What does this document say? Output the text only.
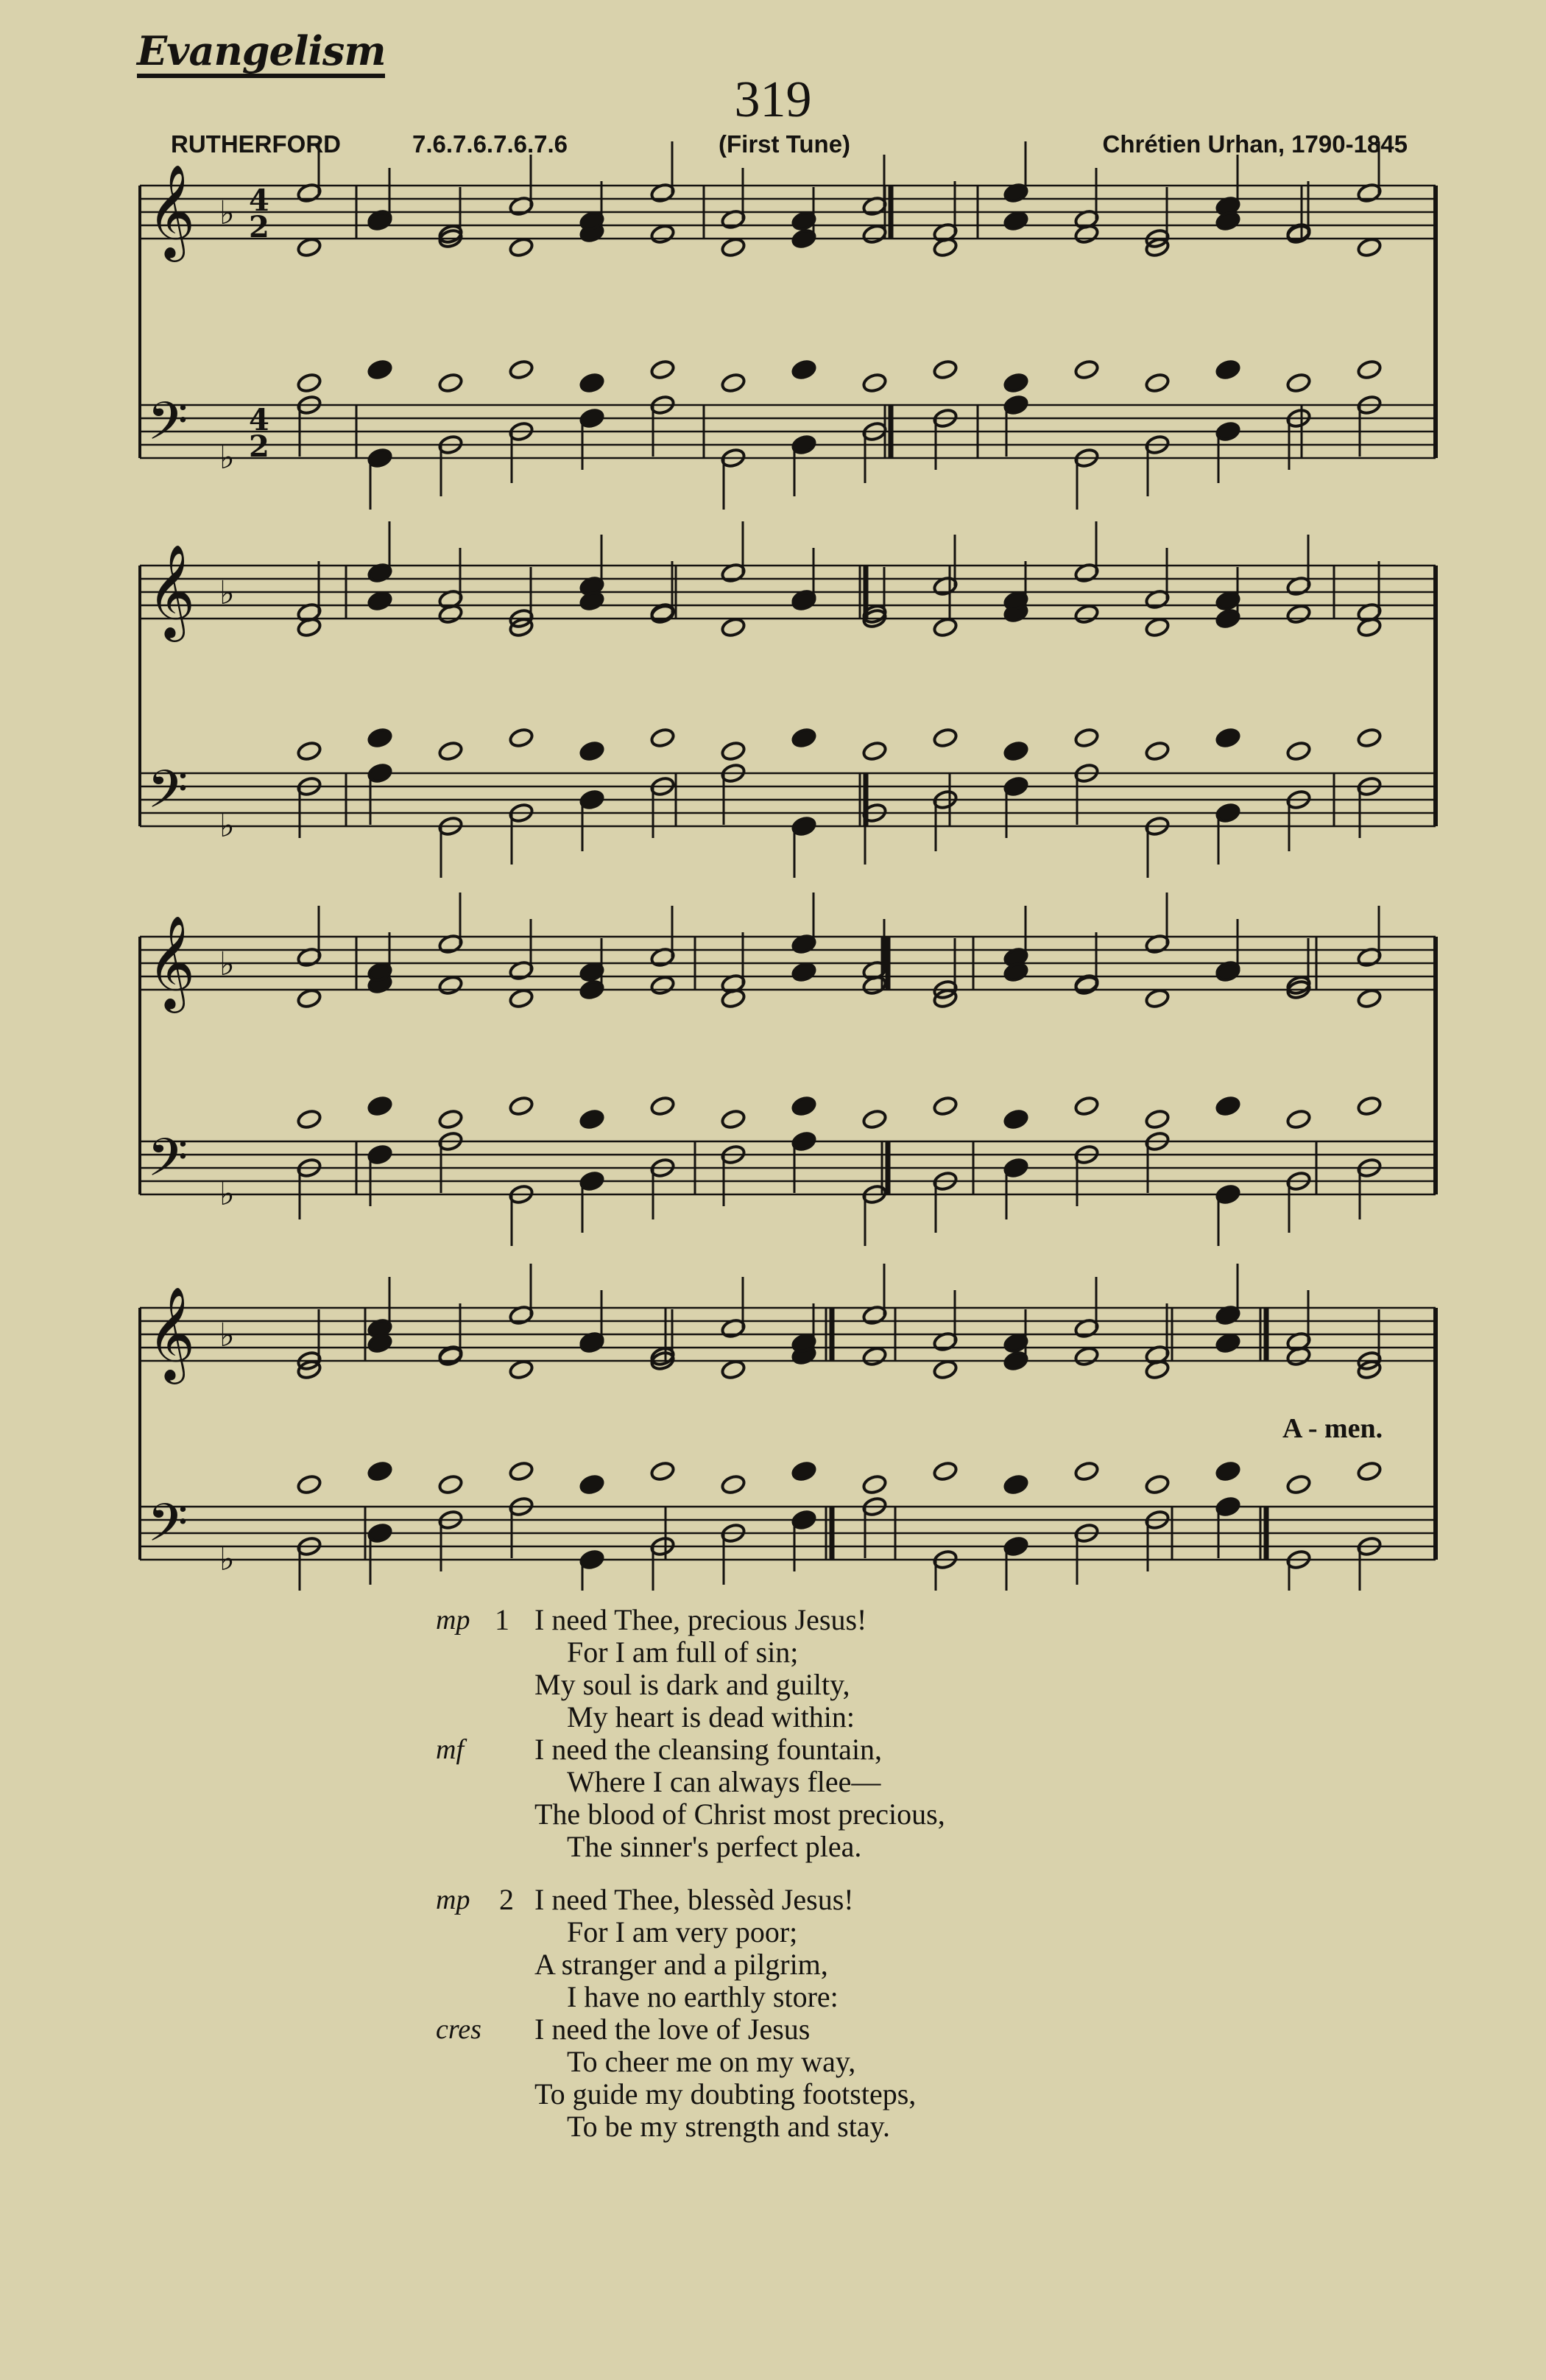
Evangelism
319
RUTHERFORD	7.6.7.6.7.6.7.6	(First Tune)	Chrétien Urhan, 1790-1845
𝄞
𝄢
♭
♭
4
4
2
2
𝄞
𝄢
♭
♭
𝄞
𝄢
♭
♭
𝄞
𝄢
♭
♭
A - men.
mp 1 I need Thee, precious Jesus!
For I am full of sin;
My soul is dark and guilty,
My heart is dead within:
mf I need the cleansing fountain,
Where I can always flee—
The blood of Christ most precious,
The sinner's perfect plea.
mp 2 I need Thee, blessèd Jesus!
For I am very poor;
A stranger and a pilgrim,
I have no earthly store:
cres I need the love of Jesus
To cheer me on my way,
To guide my doubting footsteps,
To be my strength and stay.
